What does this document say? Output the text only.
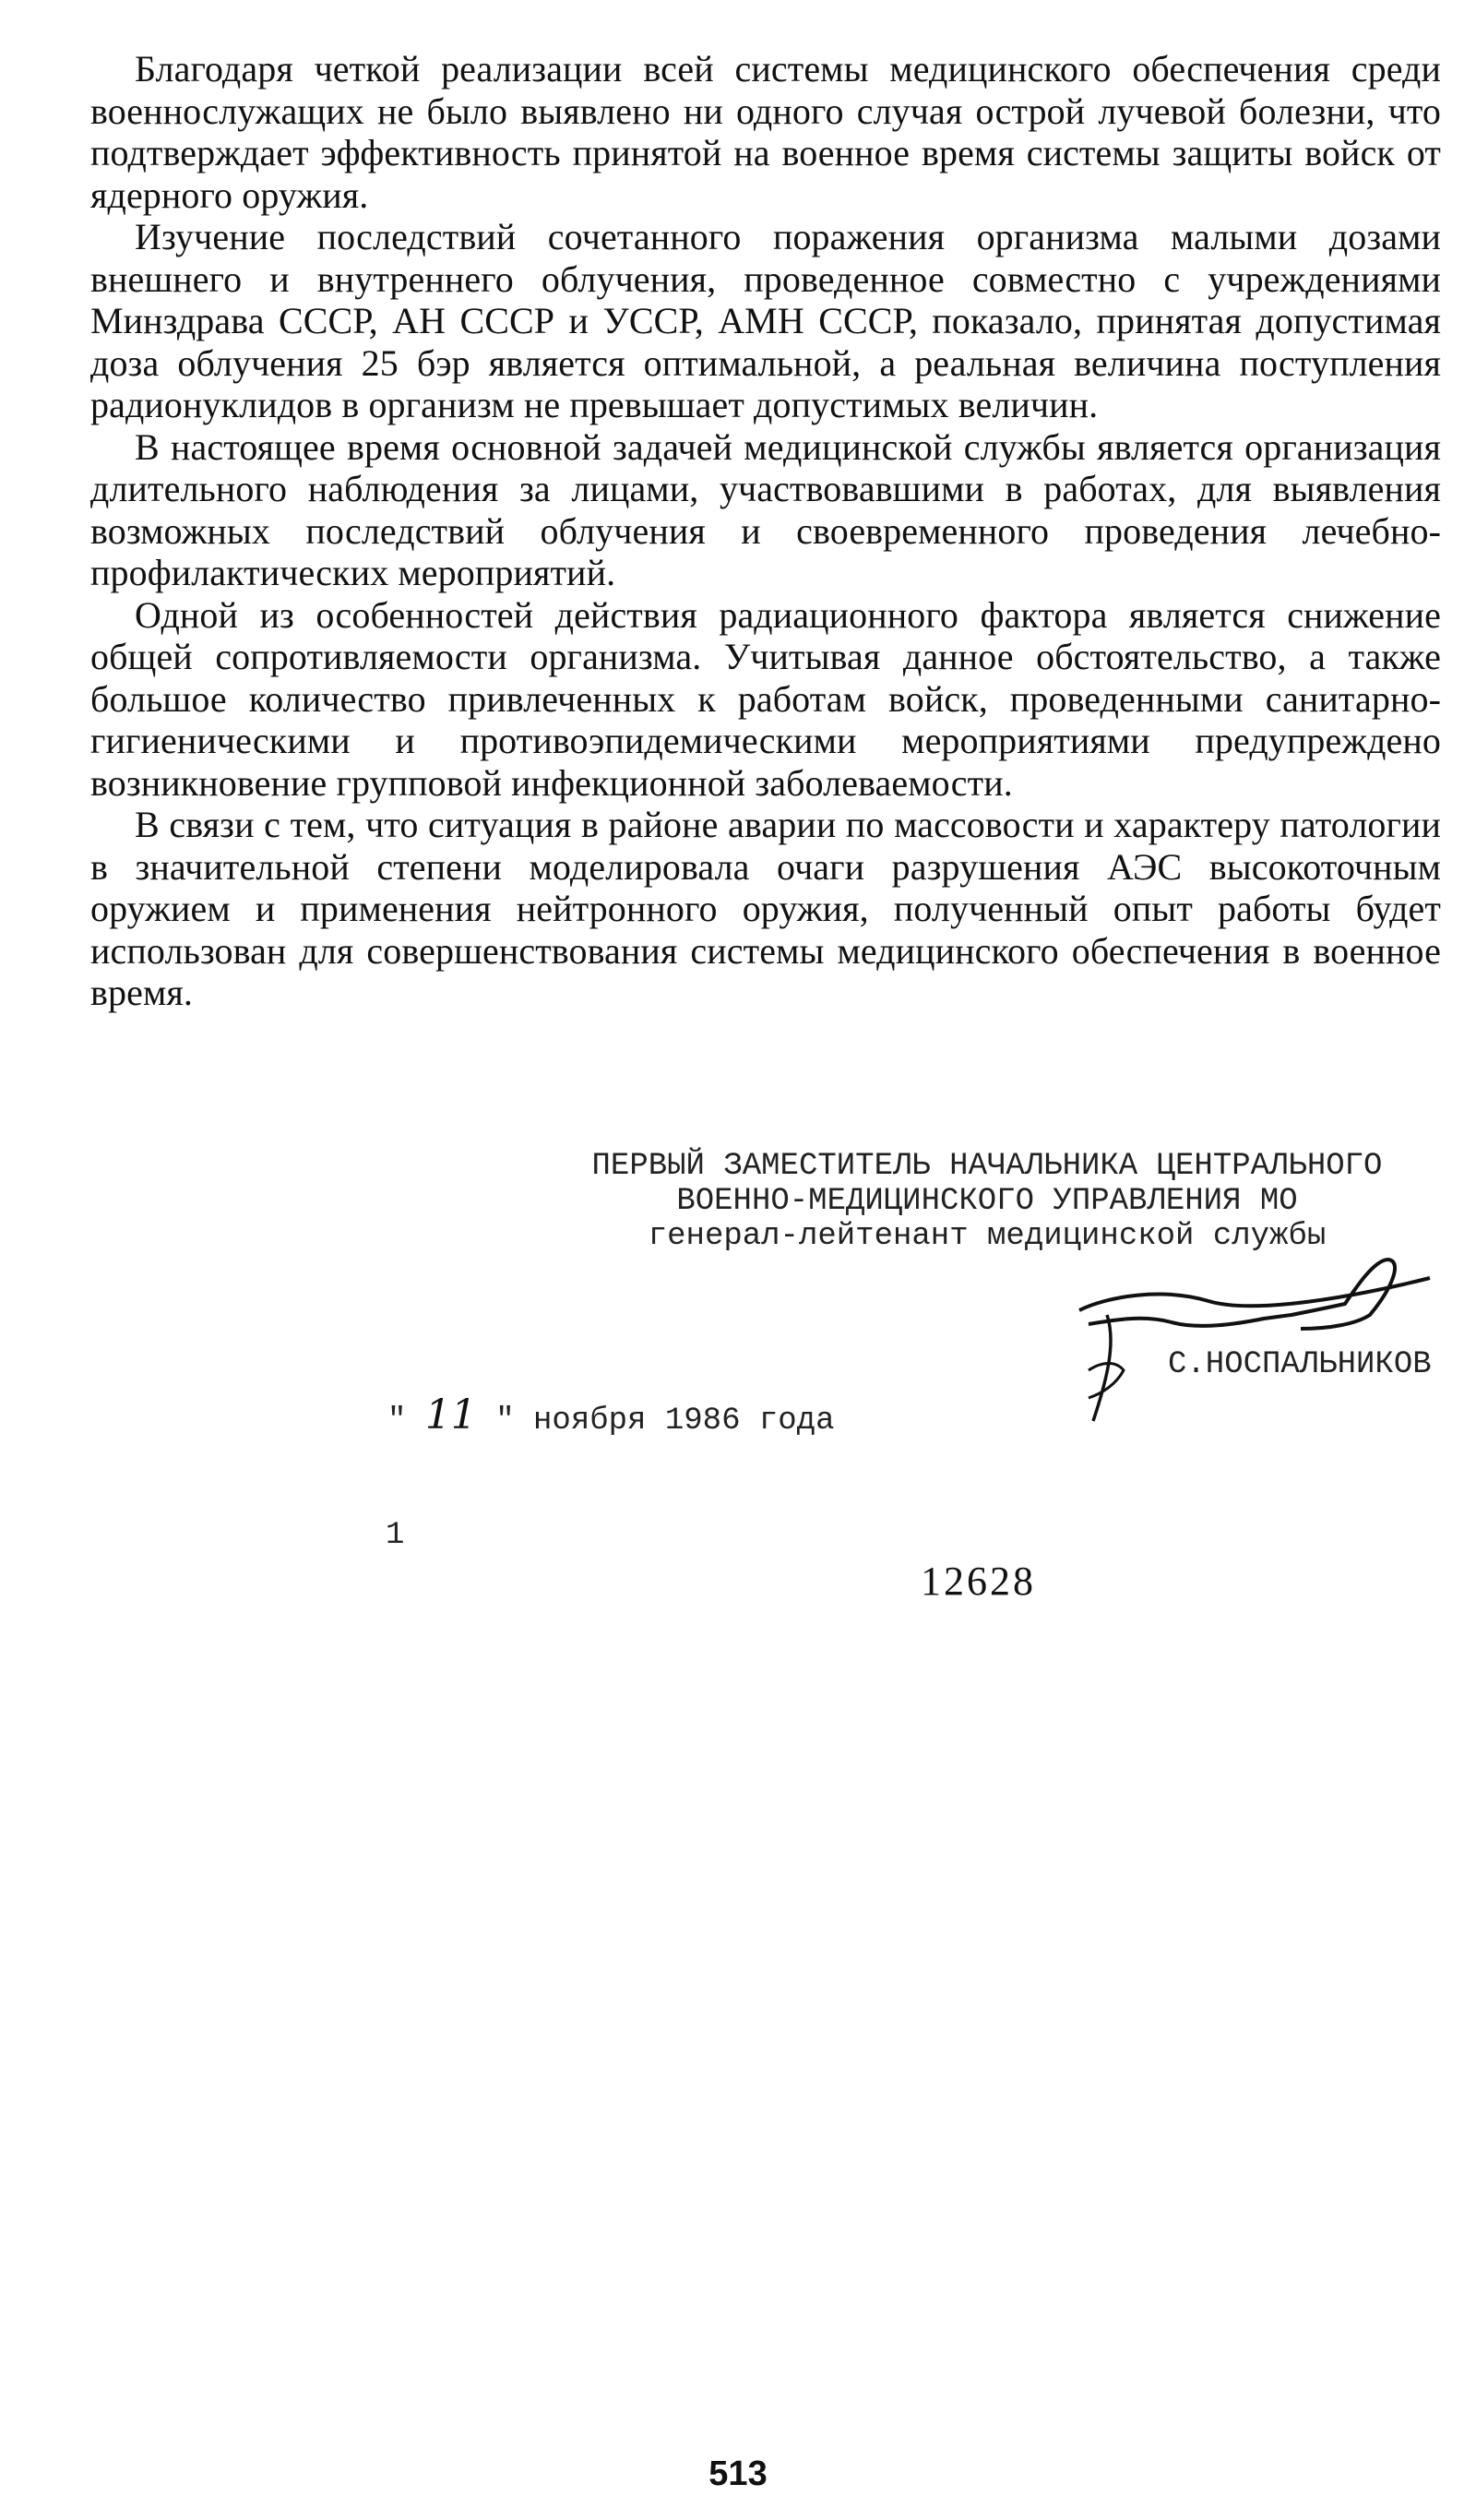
Благодаря четкой реализации всей системы медицинского обеспечения среди военнослужащих не было выявлено ни одного случая острой лучевой болезни, что подтверждает эффективность принятой на военное время системы защиты войск от ядерного оружия.

Изучение последствий сочетанного поражения организма малыми дозами внешнего и внутреннего облучения, проведенное совместно с учреждениями Минздрава СССР, АН СССР и УССР, АМН СССР, показало, принятая допустимая доза облучения 25 бэр является оптимальной, а реальная величина поступления радионуклидов в организм не превышает допустимых величин.

В настоящее время основной задачей медицинской службы является организация длительного наблюдения за лицами, участвовавшими в работах, для выявления возможных последствий облучения и своевременного проведения лечебно-профилактических мероприятий.

Одной из особенностей действия радиационного фактора является снижение общей сопротивляемости организма. Учитывая данное обстоятельство, а также большое количество привлеченных к работам войск, проведенными санитарно-гигиеническими и противоэпидемическими мероприятиями предупреждено возникновение групповой инфекционной заболеваемости.

В связи с тем, что ситуация в районе аварии по массовости и характеру патологии в значительной степени моделировала очаги разрушения АЭС высокоточным оружием и применения нейтронного оружия, полученный опыт работы будет использован для совершенствования системы медицинского обеспечения в военное время.

ПЕРВЫЙ ЗАМЕСТИТЕЛЬ НАЧАЛЬНИКА ЦЕНТРАЛЬНОГО
ВОЕННО-МЕДИЦИНСКОГО УПРАВЛЕНИЯ МО
генерал-лейтенант медицинской службы
С.НОСПАЛЬНИКОВ
" 11 " ноября 1986 года
1
12628
513
